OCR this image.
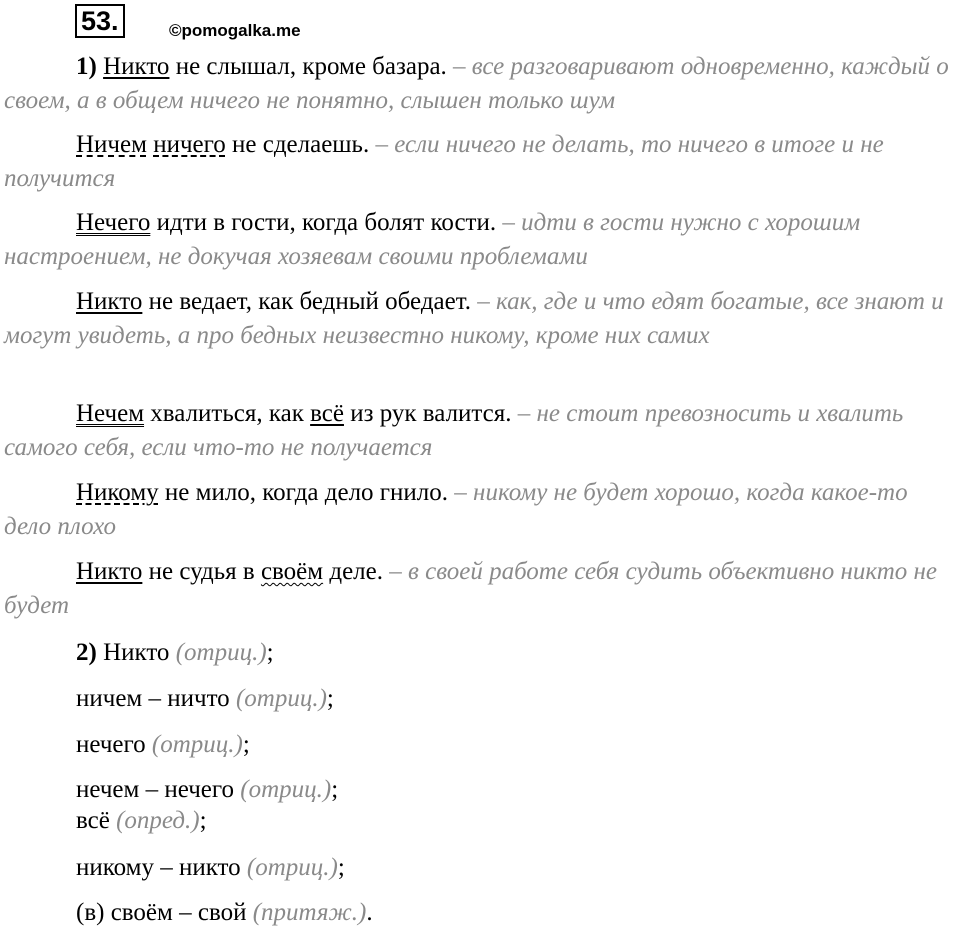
53.	©pomogalka.me

1) Никто не слышал, кроме базара. – все разговаривают одновременно, каждый о своем, а в общем ничего не понятно, слышен только шум

Ничем ничего не сделаешь. – если ничего не делать, то ничего в итоге и не получится

Нечего идти в гости, когда болят кости. – идти в гости нужно с хорошим настроением, не докучая хозяевам своими проблемами

Никто не ведает, как бедный обедает. – как, где и что едят богатые, все знают и могут увидеть, а про бедных неизвестно никому, кроме них самих

Нечем хвалиться, как всё из рук валится. – не стоит превозносить и хвалить самого себя, если что-то не получается

Никому не мило, когда дело гнило. – никому не будет хорошо, когда какое-то дело плохо

Никто не судья в своём деле. – в своей работе себя судить объективно никто не будет

2) Никто (отриц.);
ничем – ничто (отриц.);
нечего (отриц.);
нечем – нечего (отриц.);
всё (опред.);
никому – никто (отриц.);
(в) своём – свой (притяж.).
